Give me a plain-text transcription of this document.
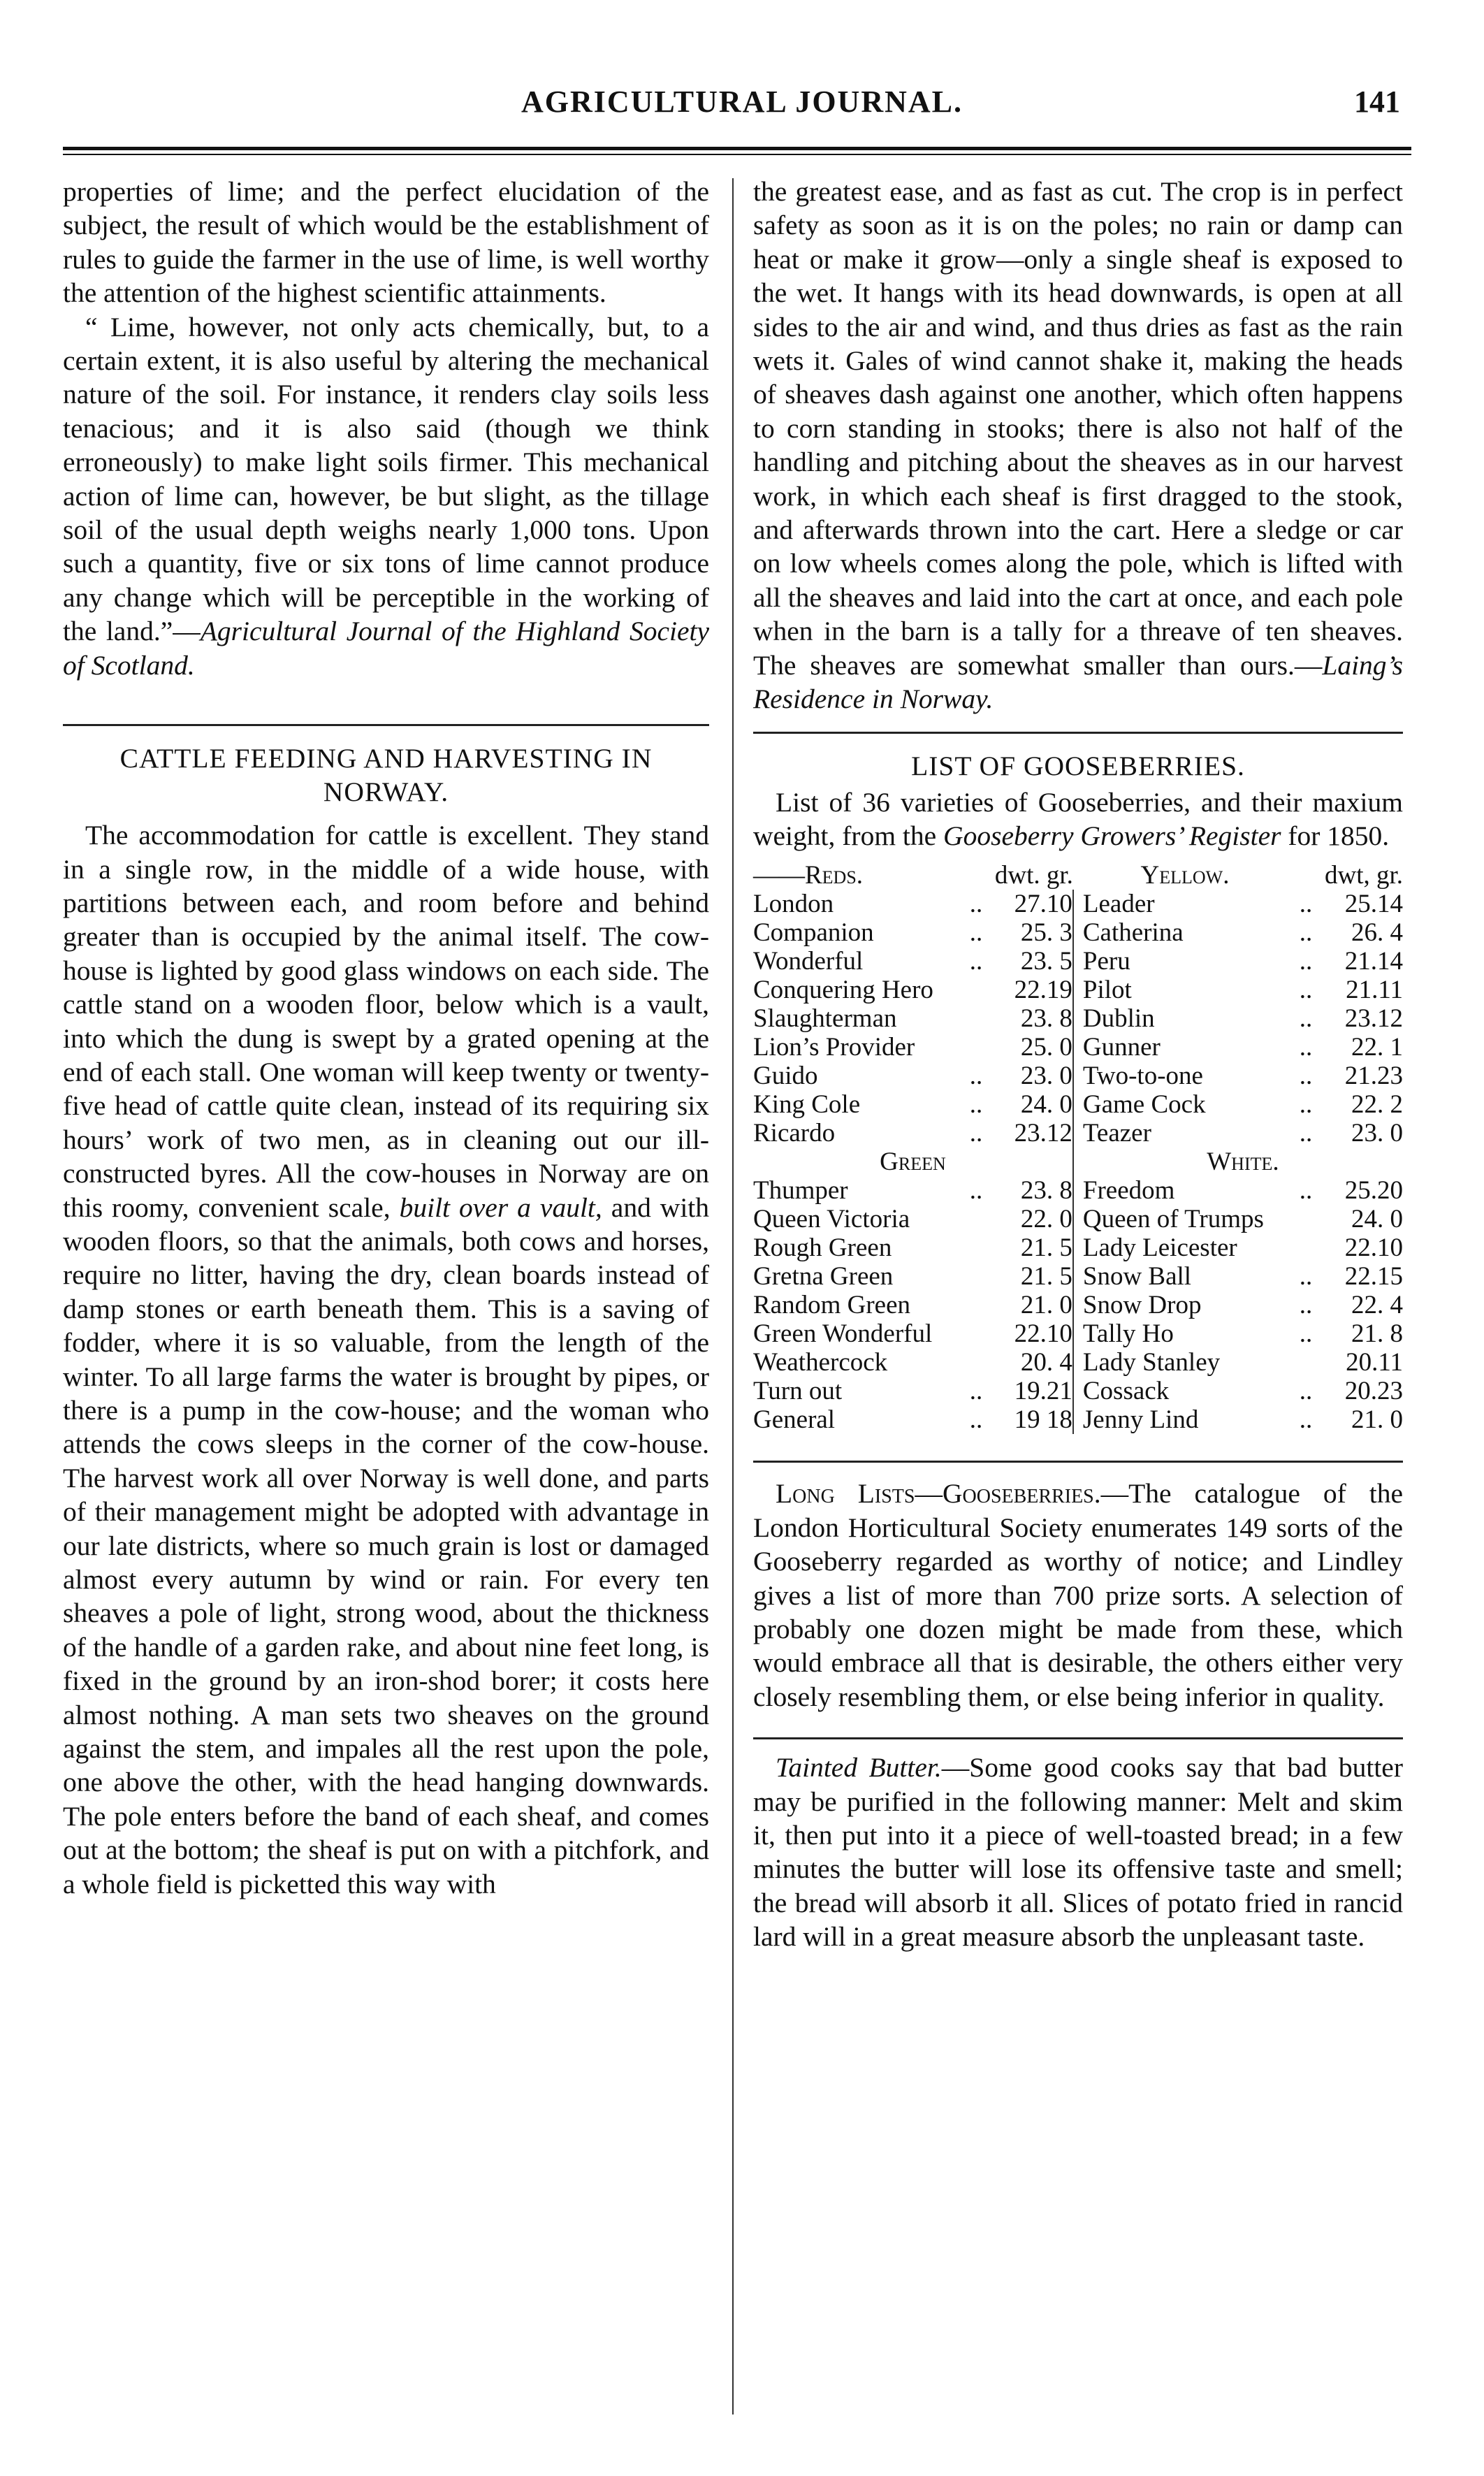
AGRICULTURAL JOURNAL.	141

properties of lime; and the perfect elucidation of the subject, the result of which would be the establishment of rules to guide the farmer in the use of lime, is well worthy the attention of the highest scientific attainments.

“ Lime, however, not only acts chemically, but, to a certain extent, it is also useful by altering the mechanical nature of the soil. For instance, it renders clay soils less tenacious; and it is also said (though we think erroneously) to make light soils firmer. This mechanical action of lime can, however, be but slight, as the tillage soil of the usual depth weighs nearly 1,000 tons. Upon such a quantity, five or six tons of lime cannot produce any change which will be perceptible in the working of the land.”—Agricultural Journal of the Highland Society of Scotland.

CATTLE FEEDING AND HARVESTING IN NORWAY.

The accommodation for cattle is excellent. They stand in a single row, in the middle of a wide house, with partitions between each, and room before and behind greater than is occupied by the animal itself. The cow-house is lighted by good glass windows on each side. The cattle stand on a wooden floor, below which is a vault, into which the dung is swept by a grated opening at the end of each stall. One woman will keep twenty or twenty-five head of cattle quite clean, instead of its requiring six hours’ work of two men, as in cleaning out our ill-constructed byres. All the cow-houses in Norway are on this roomy, convenient scale, built over a vault, and with wooden floors, so that the animals, both cows and horses, require no litter, having the dry, clean boards instead of damp stones or earth beneath them. This is a saving of fodder, where it is so valuable, from the length of the winter. To all large farms the water is brought by pipes, or there is a pump in the cow-house; and the woman who attends the cows sleeps in the corner of the cow-house. The harvest work all over Norway is well done, and parts of their management might be adopted with advantage in our late districts, where so much grain is lost or damaged almost every autumn by wind or rain. For every ten sheaves a pole of light, strong wood, about the thickness of the handle of a garden rake, and about nine feet long, is fixed in the ground by an iron-shod borer; it costs here almost nothing. A man sets two sheaves on the ground against the stem, and impales all the rest upon the pole, one above the other, with the head hanging downwards. The pole enters before the band of each sheaf, and comes out at the bottom; the sheaf is put on with a pitchfork, and a whole field is picketted this way with

the greatest ease, and as fast as cut. The crop is in perfect safety as soon as it is on the poles; no rain or damp can heat or make it grow—only a single sheaf is exposed to the wet. It hangs with its head downwards, is open at all sides to the air and wind, and thus dries as fast as the rain wets it. Gales of wind cannot shake it, making the heads of sheaves dash against one another, which often happens to corn standing in stooks; there is also not half of the handling and pitching about the sheaves as in our harvest work, in which each sheaf is first dragged to the stook, and afterwards thrown into the cart. Here a sledge or car on low wheels comes along the pole, which is lifted with all the sheaves and laid into the cart at once, and each pole when in the barn is a tally for a threave of ten sheaves. The sheaves are somewhat smaller than ours.—Laing’s Residence in Norway.

LIST OF GOOSEBERRIES.

List of 36 varieties of Gooseberries, and their maxium weight, from the Gooseberry Growers’ Register for 1850.

——Reds.		dwt. gr.		Yellow.		dwt, gr.
London	..	27.10		Leader	..	25.14
Companion	..	25. 3		Catherina	..	26. 4
Wonderful	..	23. 5		Peru	..	21.14
Conquering Hero		22.19		Pilot	..	21.11
Slaughterman		23. 8		Dublin	..	23.12
Lion’s Provider		25. 0		Gunner	..	22. 1
Guido	..	23. 0		Two-to-one	..	21.23
King Cole	..	24. 0		Game Cock	..	22. 2
Ricardo	..	23.12		Teazer	..	23. 0
Green				White.		
Thumper	..	23. 8		Freedom	..	25.20
Queen Victoria		22. 0		Queen of Trumps		24. 0
Rough Green		21. 5		Lady Leicester		22.10
Gretna Green		21. 5		Snow Ball	..	22.15
Random Green		21. 0		Snow Drop	..	22. 4
Green Wonderful		22.10		Tally Ho	..	21. 8
Weathercock		20. 4		Lady Stanley		20.11
Turn out	..	19.21		Cossack	..	20.23
General	..	19 18		Jenny Lind	..	21. 0

Long Lists—Gooseberries.—The catalogue of the London Horticultural Society enumerates 149 sorts of the Gooseberry regarded as worthy of notice; and Lindley gives a list of more than 700 prize sorts. A selection of probably one dozen might be made from these, which would embrace all that is desirable, the others either very closely resembling them, or else being inferior in quality.

Tainted Butter.—Some good cooks say that bad butter may be purified in the following manner: Melt and skim it, then put into it a piece of well-toasted bread; in a few minutes the butter will lose its offensive taste and smell; the bread will absorb it all. Slices of potato fried in rancid lard will in a great measure absorb the unpleasant taste.
